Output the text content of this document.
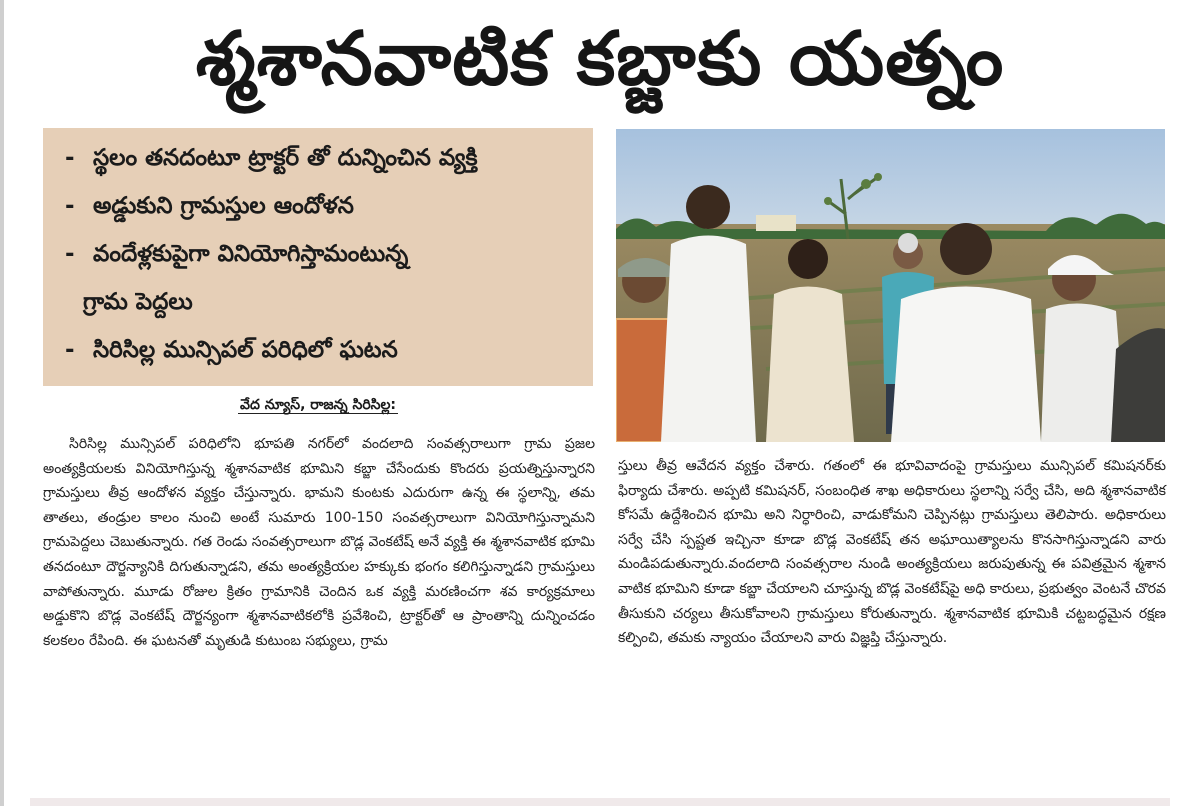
శ్మశానవాటిక కబ్జాకు యత్నం
- స్థలం తనదంటూ ట్రాక్టర్ తో దున్నించిన వ్యక్తి
- అడ్డుకుని గ్రామస్తుల ఆందోళన
- వందేళ్లకుపైగా వినియోగిస్తామంటున్న
గ్రామ పెద్దలు
- సిరిసిల్ల మున్సిపల్ పరిధిలో ఘటన
వేద న్యూస్, రాజన్న సిరిసిల్ల:

సిరిసిల్ల మున్సిపల్ పరిధిలోని భూపతి నగర్‌లో వందలాది సంవత్సరాలుగా గ్రామ ప్రజల అంత్యక్రియలకు వినియోగిస్తున్న శ్మశానవాటిక భూమిని కబ్జా చేసేందుకు కొందరు ప్రయత్నిస్తున్నారని గ్రామస్తులు తీవ్ర ఆందోళన వ్యక్తం చేస్తున్నారు. భామని కుంటకు ఎదురుగా ఉన్న ఈ స్థలాన్ని, తమ తాతలు, తండ్రుల కాలం నుంచి అంటే సుమారు 100-150 సంవత్సరాలుగా వినియోగిస్తున్నామని గ్రామపెద్దలు చెబుతున్నారు. గత రెండు సంవత్సరాలుగా బొడ్ల వెంకటేష్ అనే వ్యక్తి ఈ శ్మశానవాటిక భూమి తనదంటూ దౌర్జన్యానికి దిగుతున్నాడని, తమ అంత్యక్రియల హక్కుకు భంగం కలిగిస్తున్నాడని గ్రామస్తులు వాపోతున్నారు. మూడు రోజుల క్రితం గ్రామానికి చెందిన ఒక వ్యక్తి మరణించగా శవ కార్యక్రమాలు అడ్డుకొని బొడ్ల వెంకటేష్ దౌర్జన్యంగా శ్మశానవాటికలోకి ప్రవేశించి, ట్రాక్టర్‌తో ఆ ప్రాంతాన్ని దున్నించడం కలకలం రేపింది. ఈ ఘటనతో మృతుడి కుటుంబ సభ్యులు, గ్రామ

స్తులు తీవ్ర ఆవేదన వ్యక్తం చేశారు. గతంలో ఈ భూవివాదంపై గ్రామస్తులు మున్సిపల్ కమిషనర్‌కు ఫిర్యాదు చేశారు. అప్పటి కమిషనర్, సంబంధిత శాఖ అధికారులు స్థలాన్ని సర్వే చేసి, అది శ్మశానవాటిక కోసమే ఉద్దేశించిన భూమి అని నిర్ధారించి, వాడుకోమని చెప్పినట్లు గ్రామస్తులు తెలిపారు. అధికారులు సర్వే చేసి స్పష్టత ఇచ్చినా కూడా బొడ్ల వెంకటేష్ తన అఘాయిత్యాలను కొనసాగిస్తున్నాడని వారు మండిపడుతున్నారు.వందలాది సంవత్సరాల నుండి అంత్యక్రియలు జరుపుతున్న ఈ పవిత్రమైన శ్మశాన వాటిక భూమిని కూడా కబ్జా చేయాలని చూస్తున్న బొడ్ల వెంకటేష్‌పై అధి కారులు, ప్రభుత్వం వెంటనే చొరవ తీసుకుని చర్యలు తీసుకోవాలని గ్రామస్తులు కోరుతున్నారు. శ్మశానవాటిక భూమికి చట్టబద్ధమైన రక్షణ కల్పించి, తమకు న్యాయం చేయాలని వారు విజ్ఞప్తి చేస్తున్నారు.
